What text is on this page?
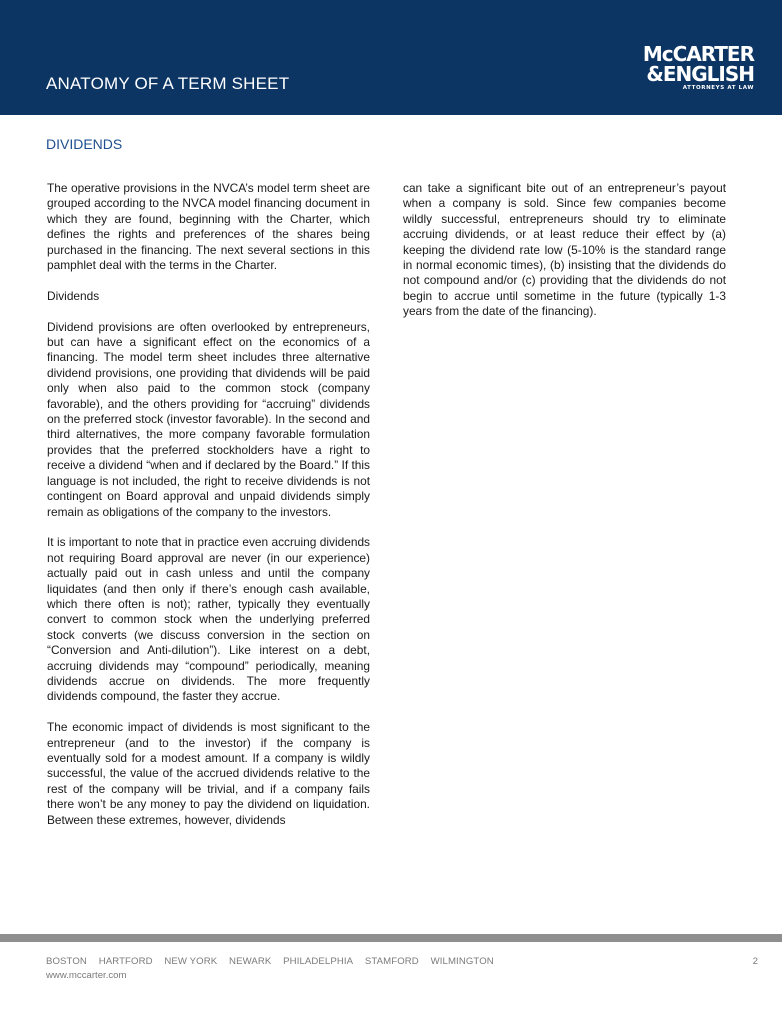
ANATOMY OF A TERM SHEET
McCARTER
&ENGLISH
ATTORNEYS AT LAW
DIVIDENDS

The operative provisions in the NVCA’s model term sheet are grouped according to the NVCA model financing document in which they are found, beginning with the Charter, which defines the rights and preferences of the shares being purchased in the financing. The next several sections in this pamphlet deal with the terms in the Charter.

Dividends

Dividend provisions are often overlooked by entrepreneurs, but can have a significant effect on the economics of a financing. The model term sheet includes three alternative dividend provisions, one providing that dividends will be paid only when also paid to the common stock (company favorable), and the others providing for “accruing” dividends on the preferred stock (investor favorable). In the second and third alternatives, the more company favorable formulation provides that the preferred stockholders have a right to receive a dividend “when and if declared by the Board.” If this language is not included, the right to receive dividends is not contingent on Board approval and unpaid dividends simply remain as obligations of the company to the investors.

It is important to note that in practice even accruing dividends not requiring Board approval are never (in our experience) actually paid out in cash unless and until the company liquidates (and then only if there’s enough cash available, which there often is not); rather, typically they eventually convert to common stock when the underlying preferred stock converts (we discuss conversion in the section on “Conversion and Anti-dilution”). Like interest on a debt, accruing dividends may “compound” periodically, meaning dividends accrue on dividends. The more frequently dividends compound, the faster they accrue.

The economic impact of dividends is most significant to the entrepreneur (and to the investor) if the company is eventually sold for a modest amount. If a company is wildly successful, the value of the accrued dividends relative to the rest of the company will be trivial, and if a company fails there won’t be any money to pay the dividend on liquidation. Between these extremes, however, dividends

can take a significant bite out of an entrepreneur’s payout when a company is sold. Since few companies become wildly successful, entrepreneurs should try to eliminate accruing dividends, or at least reduce their effect by (a) keeping the dividend rate low (5-10% is the standard range in normal economic times), (b) insisting that the dividends do not compound and/or (c) providing that the dividends do not begin to accrue until sometime in the future (typically 1-3 years from the date of the financing).

BOSTON HARTFORD NEW YORK NEWARK PHILADELPHIA STAMFORD WILMINGTON
www.mccarter.com
2
